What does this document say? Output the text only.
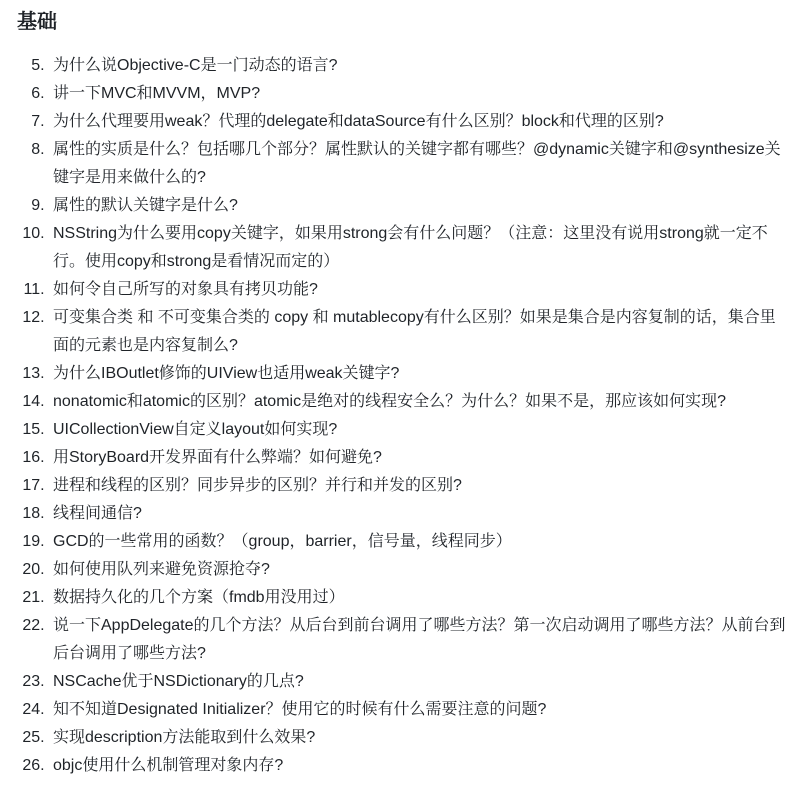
基础
5. 为什么说Objective-C是一门动态的语言?
6. 讲一下MVC和MVVM，MVP?
7. 为什么代理要用weak？代理的delegate和dataSource有什么区别？block和代理的区别?
8. 属性的实质是什么？包括哪几个部分？属性默认的关键字都有哪些？@dynamic关键字和@synthesize关键字是用来做什么的?
9. 属性的默认关键字是什么?
10. NSString为什么要用copy关键字，如果用strong会有什么问题？（注意：这里没有说用strong就一定不行。使用copy和strong是看情况而定的）
11. 如何令自己所写的对象具有拷贝功能?
12. 可变集合类 和 不可变集合类的 copy 和 mutablecopy有什么区别？如果是集合是内容复制的话，集合里面的元素也是内容复制么?
13. 为什么IBOutlet修饰的UIView也适用weak关键字?
14. nonatomic和atomic的区别？atomic是绝对的线程安全么？为什么？如果不是，那应该如何实现?
15. UICollectionView自定义layout如何实现?
16. 用StoryBoard开发界面有什么弊端？如何避免?
17. 进程和线程的区别？同步异步的区别？并行和并发的区别?
18. 线程间通信?
19. GCD的一些常用的函数？（group，barrier，信号量，线程同步）
20. 如何使用队列来避免资源抢夺?
21. 数据持久化的几个方案（fmdb用没用过）
22. 说一下AppDelegate的几个方法？从后台到前台调用了哪些方法？第一次启动调用了哪些方法？从前台到后台调用了哪些方法?
23. NSCache优于NSDictionary的几点?
24. 知不知道Designated Initializer？使用它的时候有什么需要注意的问题?
25. 实现description方法能取到什么效果?
26. objc使用什么机制管理对象内存?
